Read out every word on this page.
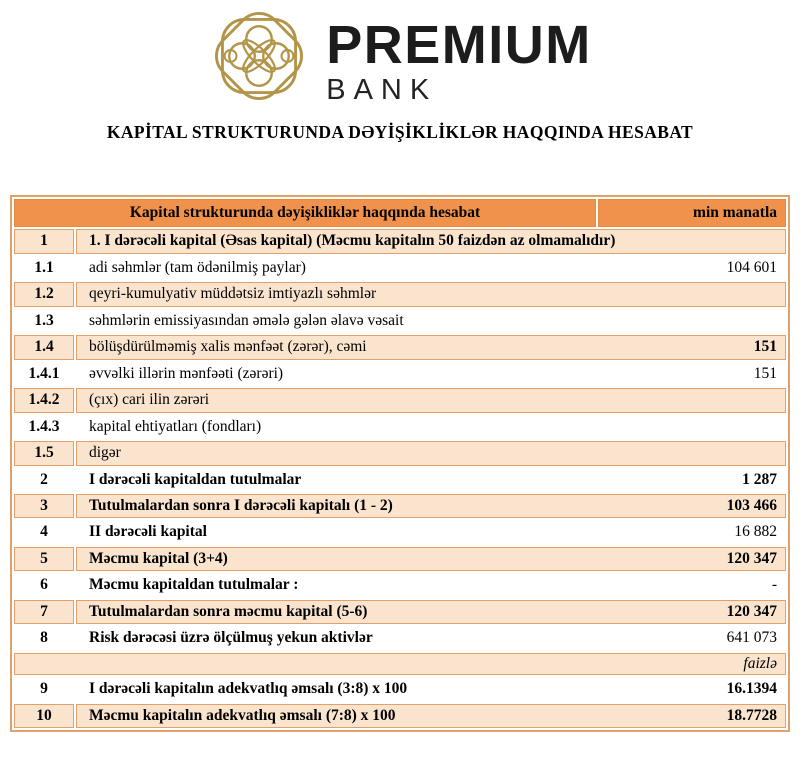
PREMIUM
BANK
KAPİTAL STRUKTURUNDA DƏYİŞİKLİKLƏR HAQQINDA HESABAT
Kapital strukturunda dəyişikliklər haqqında hesabat		min manatla
1	1. I dərəcəli kapital (Əsas kapital) (Məcmu kapitalın 50 faizdən az olmamalıdır)	

1.1	adi səhmlər (tam ödənilmiş paylar) 104 601	

1.2	qeyri-kumulyativ müddətsiz imtiyazlı səhmlər	

1.3	səhmlərin emissiyasından əmələ gələn əlavə vəsait	

1.4	bölüşdürülməmiş xalis mənfəət (zərər), cəmi 151	

1.4.1	əvvəlki illərin mənfəəti (zərəri) 151	

1.4.2	(çıx) cari ilin zərəri	

1.4.3	kapital ehtiyatları (fondları)	

1.5	digər	

2	I dərəcəli kapitaldan tutulmalar 1 287	

3	Tutulmalardan sonra I dərəcəli kapitalı (1 - 2) 103 466	

4	II dərəcəli kapital 16 882	

5	Məcmu kapital (3+4) 120 347	

6	Məcmu kapitaldan tutulmalar : -	

7	Tutulmalardan sonra məcmu kapital (5-6) 120 347	

8	Risk dərəcəsi üzrə ölçülmuş yekun aktivlər 641 073	

faizlə		
9	I dərəcəli kapitalın adekvatlıq əmsalı (3:8) x 100 16.1394	

10	Məcmu kapitalın adekvatlıq əmsalı (7:8) x 100 18.7728	
